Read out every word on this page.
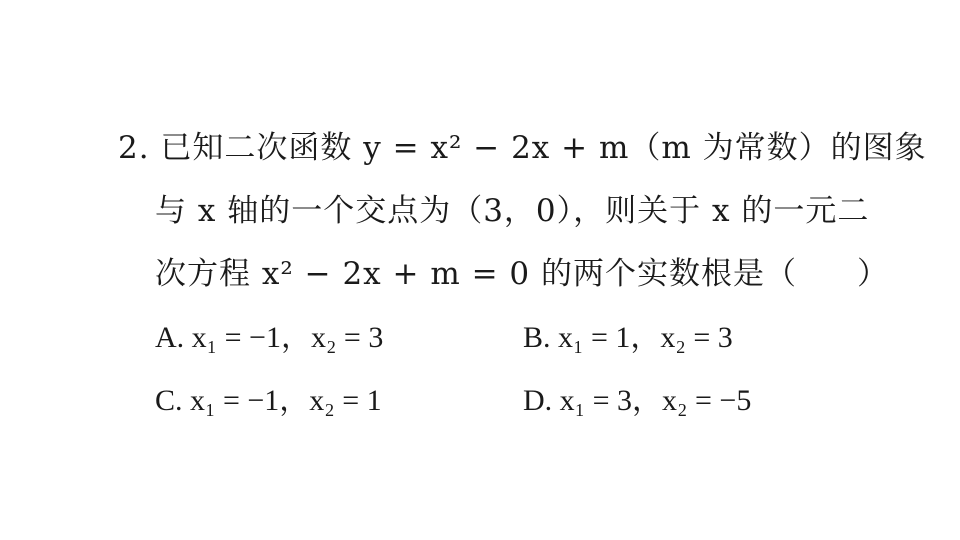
2. 已知二次函数 y = x² − 2x + m（m 为常数）的图象
与 x 轴的一个交点为（3，0），则关于 x 的一元二
次方程 x² − 2x + m = 0 的两个实数根是（ ）
A. x₁ = −1，x₂ = 3	B. x₁ = 1，x₂ = 3
C. x₁ = −1，x₂ = 1	D. x₁ = 3，x₂ = −5
